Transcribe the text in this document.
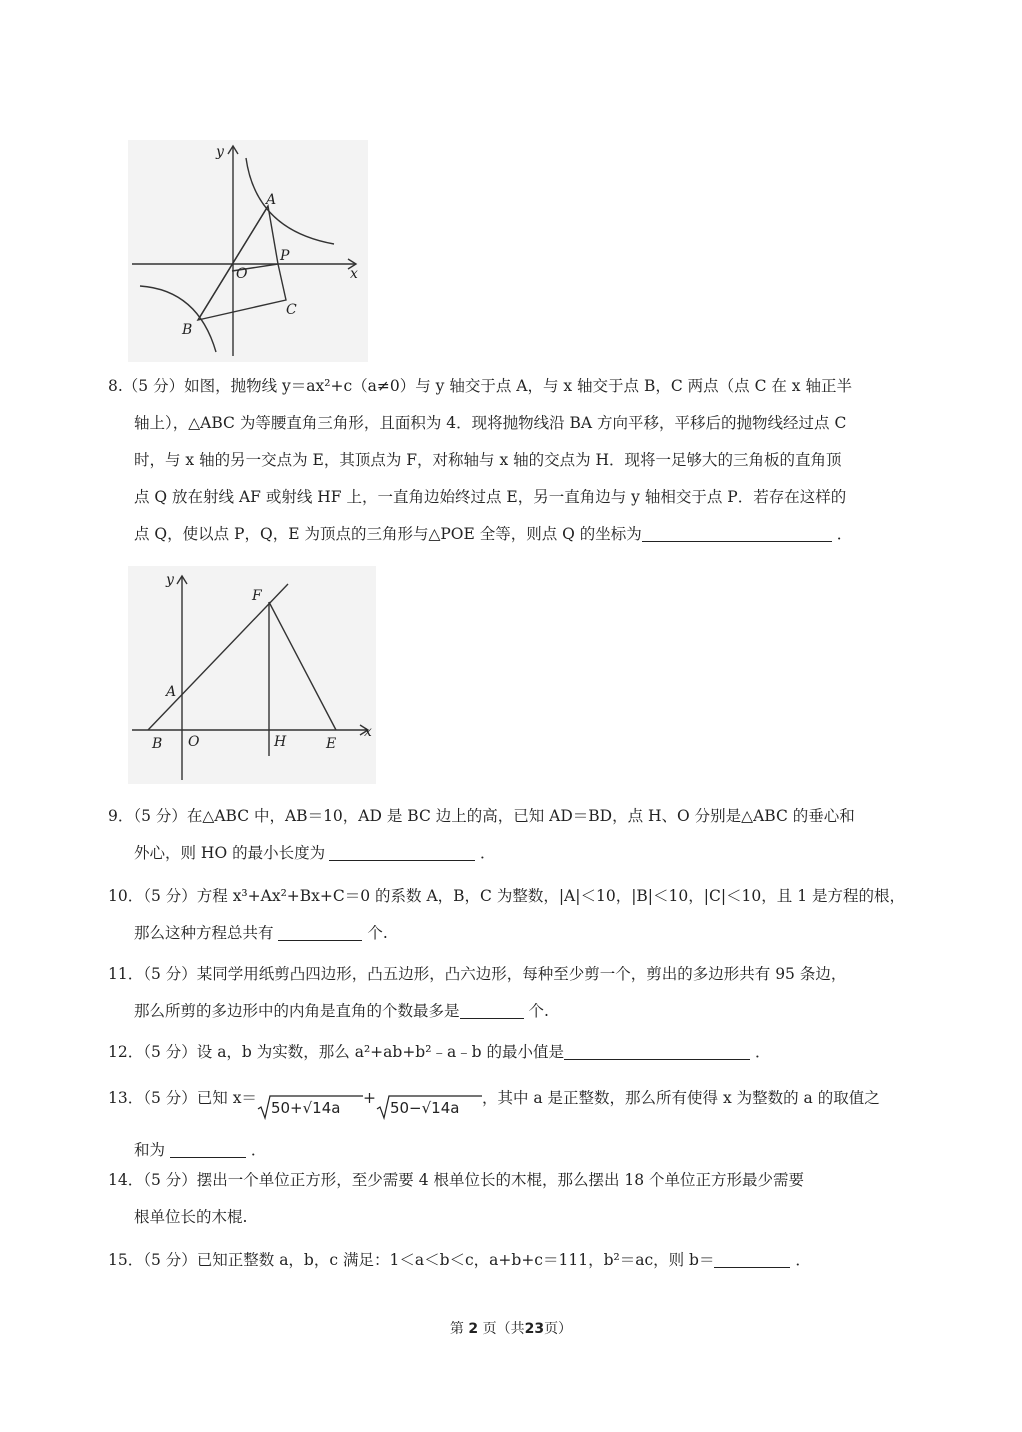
y
x
A
O
P
B
C
8.（5 分）如图，抛物线 y＝ax²+c（a≠0）与 y 轴交于点 A，与 x 轴交于点 B，C 两点（点 C 在 x 轴正半
轴上），△ABC 为等腰直角三角形，且面积为 4．现将抛物线沿 BA 方向平移，平移后的抛物线经过点 C
时，与 x 轴的另一交点为 E，其顶点为 F，对称轴与 x 轴的交点为 H．现将一足够大的三角板的直角顶
点 Q 放在射线 AF 或射线 HF 上，一直角边始终过点 E，另一直角边与 y 轴相交于点 P．若存在这样的
点 Q，使以点 P，Q，E 为顶点的三角形与△POE 全等，则点 Q 的坐标为	．
y
x
F
A
B O	H	E
9．（5 分）在△ABC 中，AB＝10，AD 是 BC 边上的高，已知 AD＝BD，点 H、O 分别是△ABC 的垂心和
外心，则 HO 的最小长度为	．
10．（5 分）方程 x³+Ax²+Bx+C＝0 的系数 A，B，C 为整数，|A|＜10，|B|＜10，|C|＜10，且 1 是方程的根，
那么这种方程总共有	个.
11．（5 分）某同学用纸剪凸四边形，凸五边形，凸六边形，每种至少剪一个，剪出的多边形共有 95 条边，
那么所剪的多边形中的内角是直角的个数最多是	个.
12．（5 分）设 a，b 为实数，那么 a²+ab+b²﹣a﹣b 的最小值是	．
13．（5 分）已知 x＝
50+√14a+
50−√14a，其中 a 是正整数，那么所有使得 x 为整数的 a 的取值之
和为	．
14．（5 分）摆出一个单位正方形，至少需要 4 根单位长的木棍，那么摆出 18 个单位正方形最少需要
根单位长的木棍.
15．（5 分）已知正整数 a，b，c 满足：1＜a＜b＜c，a+b+c＝111，b²＝ac，则 b＝	．
第 2 页（共23页）
